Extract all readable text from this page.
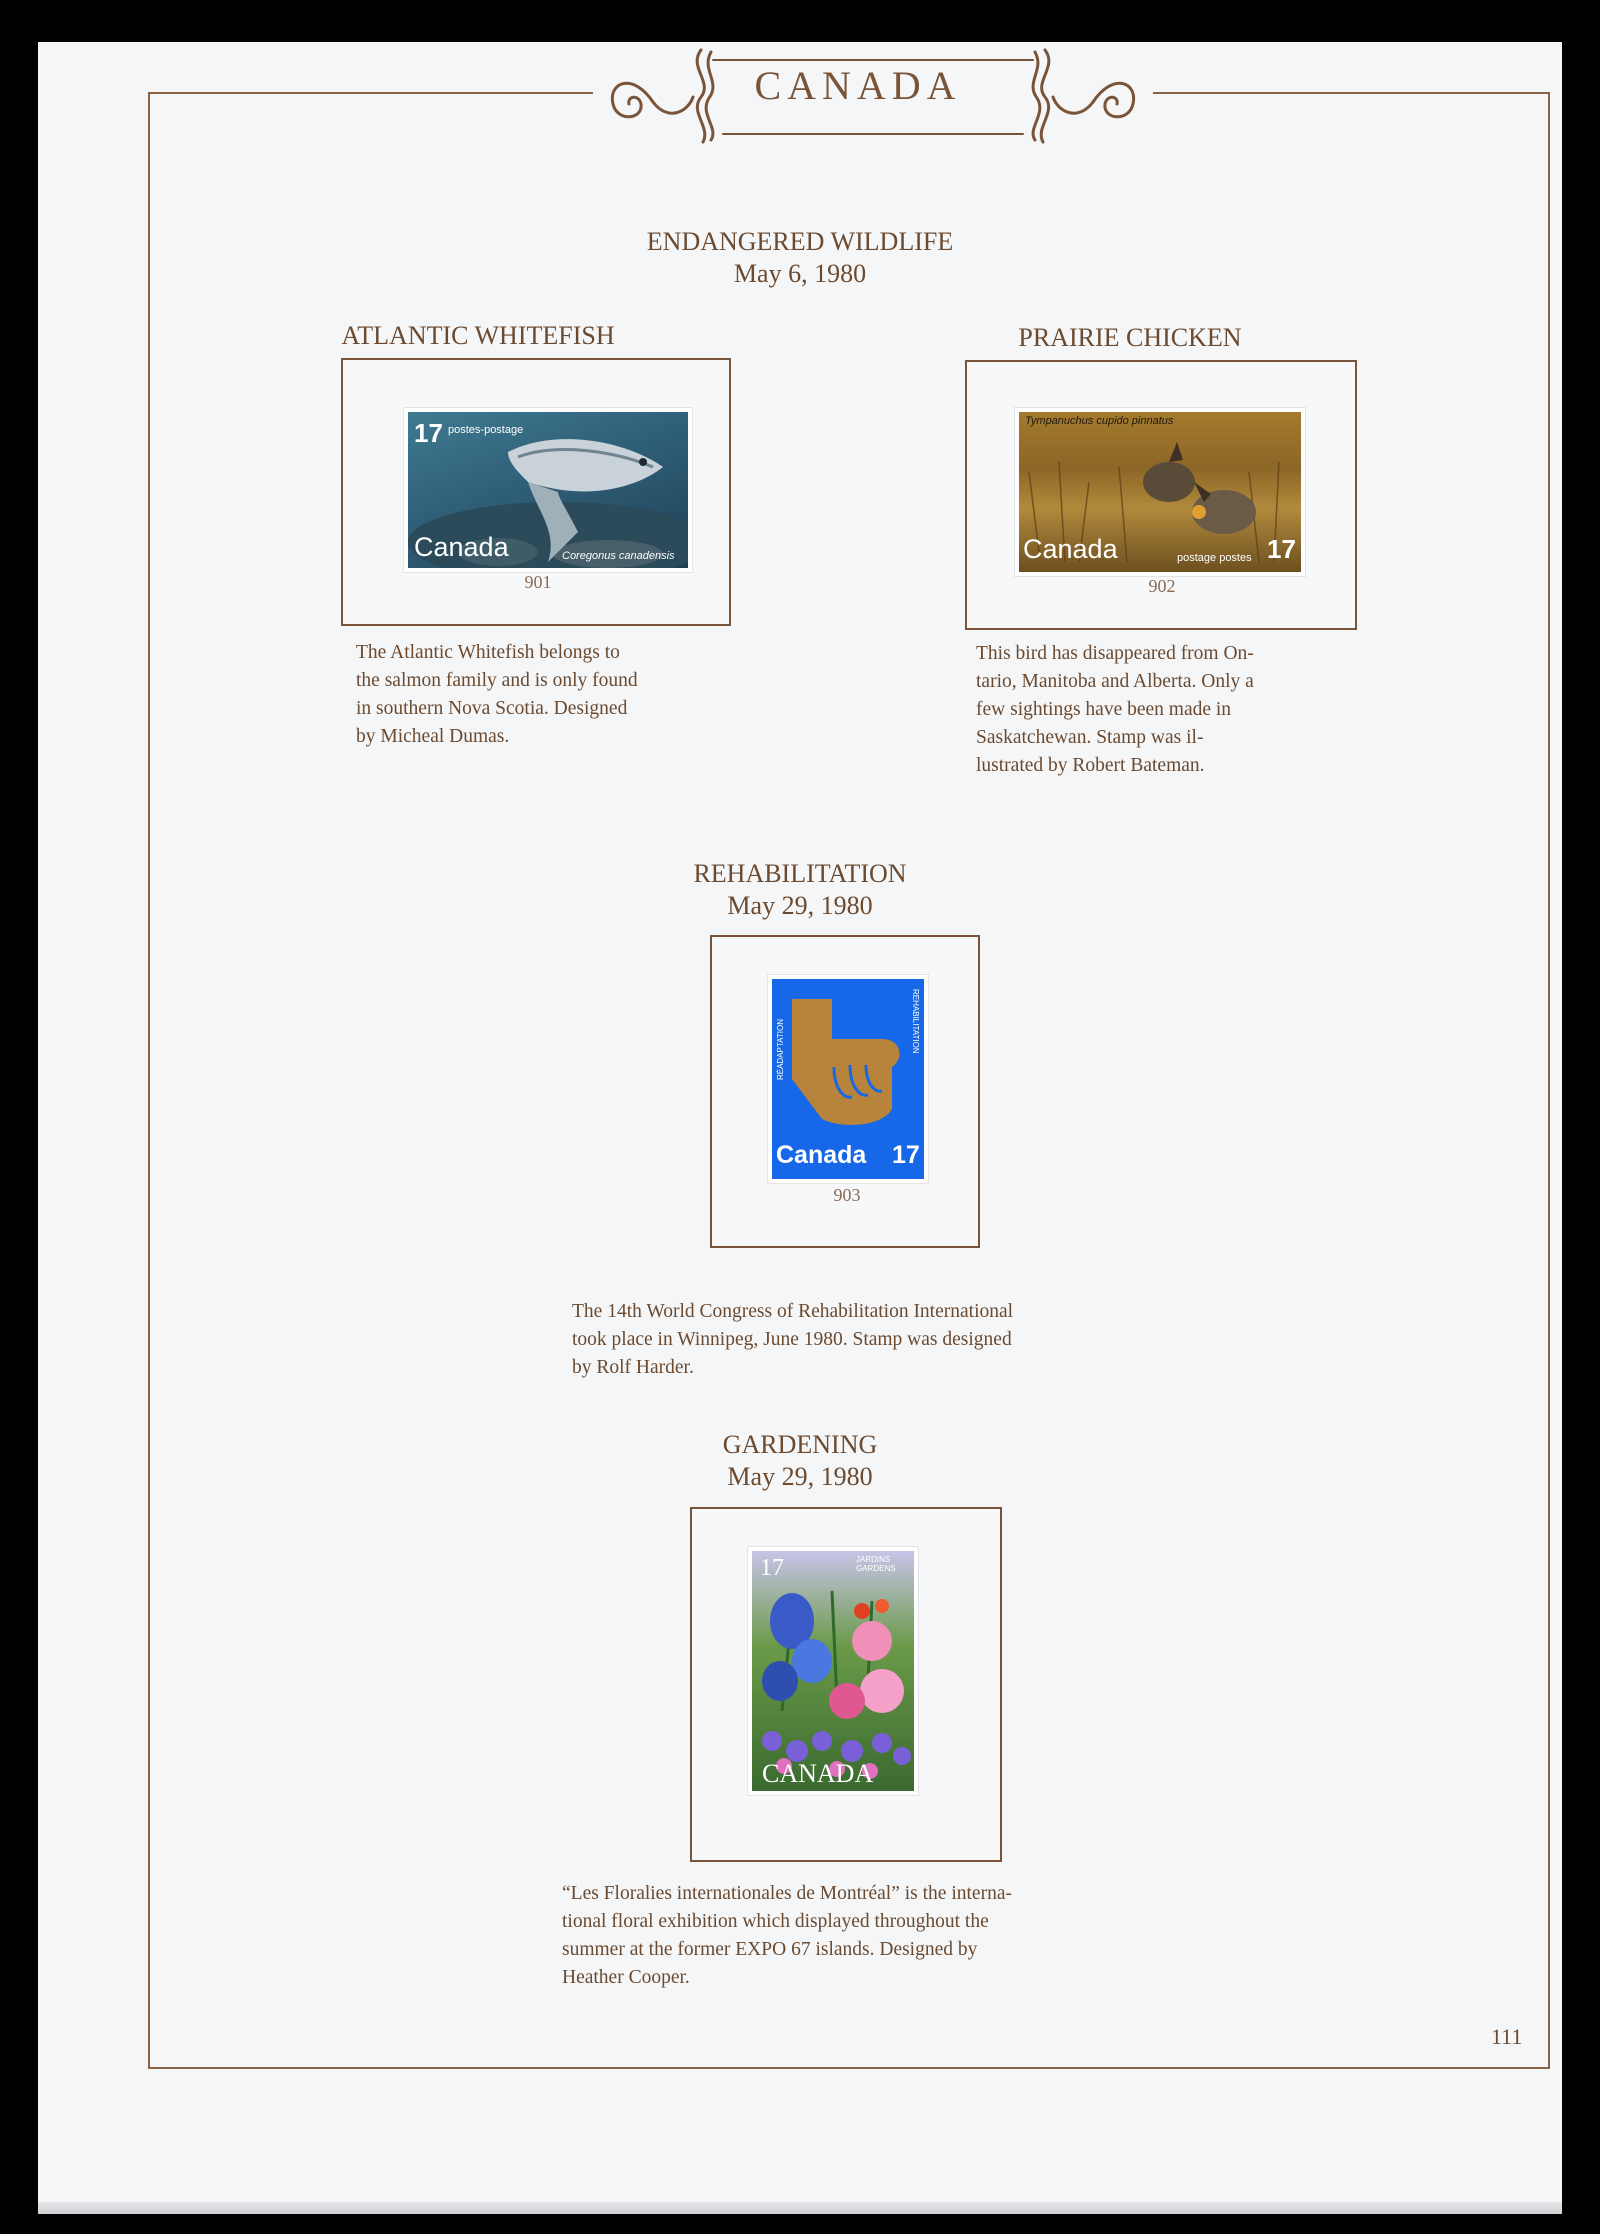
CANADA
ENDANGERED WILDLIFE
May 6, 1980
ATLANTIC WHITEFISH
17 postes-postage
Canada	Coregonus canadensis
901
The Atlantic Whitefish belongs to
the salmon family and is only found
in southern Nova Scotia. Designed
by Micheal Dumas.
PRAIRIE CHICKEN
Tympanuchus cupido pinnatus
Canada	postage postes 17
902
This bird has disappeared from On-
tario, Manitoba and Alberta. Only a
few sightings have been made in
Saskatchewan. Stamp was il-
lustrated by Robert Bateman.
REHABILITATION
May 29, 1980
RÉADAPTATION	REHABILITATION
Canada 17
903
The 14th World Congress of Rehabilitation International
took place in Winnipeg, June 1980. Stamp was designed
by Rolf Harder.
GARDENING
May 29, 1980
17	JARDINS GARDENS
CANADA
“Les Floralies internationales de Montréal” is the interna-
tional floral exhibition which displayed throughout the
summer at the former EXPO 67 islands. Designed by
Heather Cooper.
111
